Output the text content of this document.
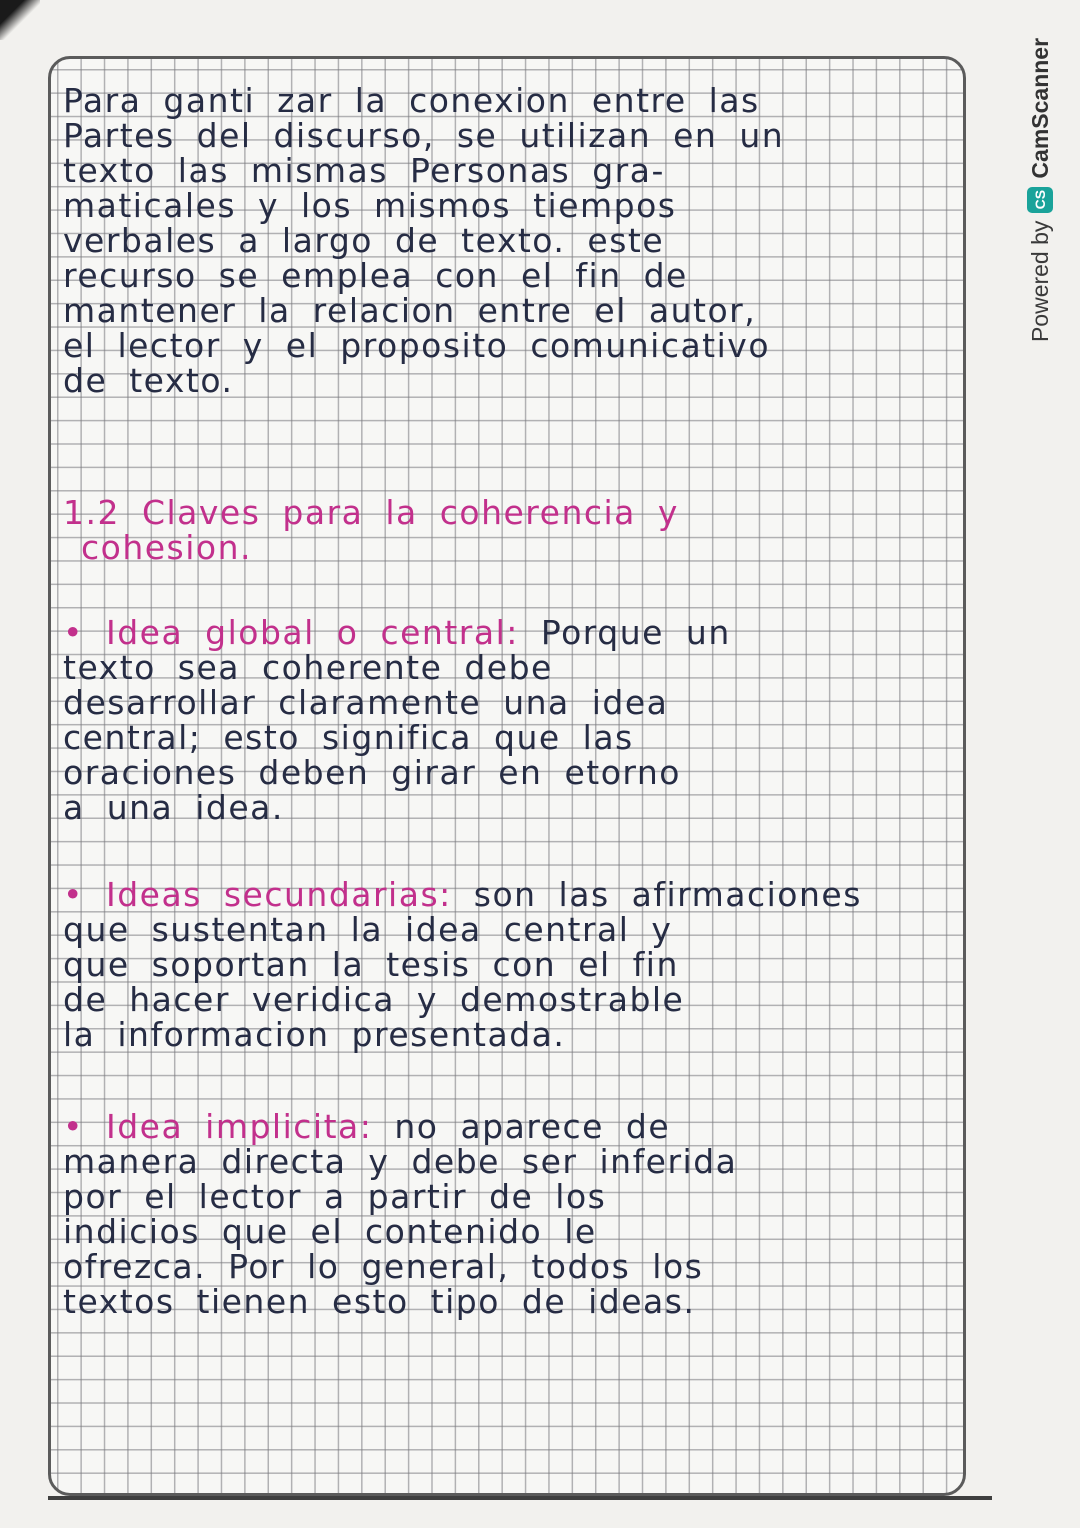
Para ganti zar la conexion entre las
Partes del discurso, se utilizan en un
texto las mismas Personas gra-
maticales y los mismos tiempos
verbales a largo de texto. este
recurso se emplea con el fin de
mantener la relacion entre el autor,
el lector y el proposito comunicativo
de texto.
1.2 Claves para la coherencia y
cohesion.
• Idea global o central: Porque un
texto sea coherente debe
desarrollar claramente una idea
central; esto significa que las
oraciones deben girar en etorno
a una idea.
• Ideas secundarias: son las afirmaciones
que sustentan la idea central y
que soportan la tesis con el fin
de hacer veridica y demostrable
la informacion presentada.
• Idea implicita: no aparece de
manera directa y debe ser inferida
por el lector a partir de los
indicios que el contenido le
ofrezca. Por lo general, todos los
textos tienen esto tipo de ideas.
Powered by
CS
CamScanner
